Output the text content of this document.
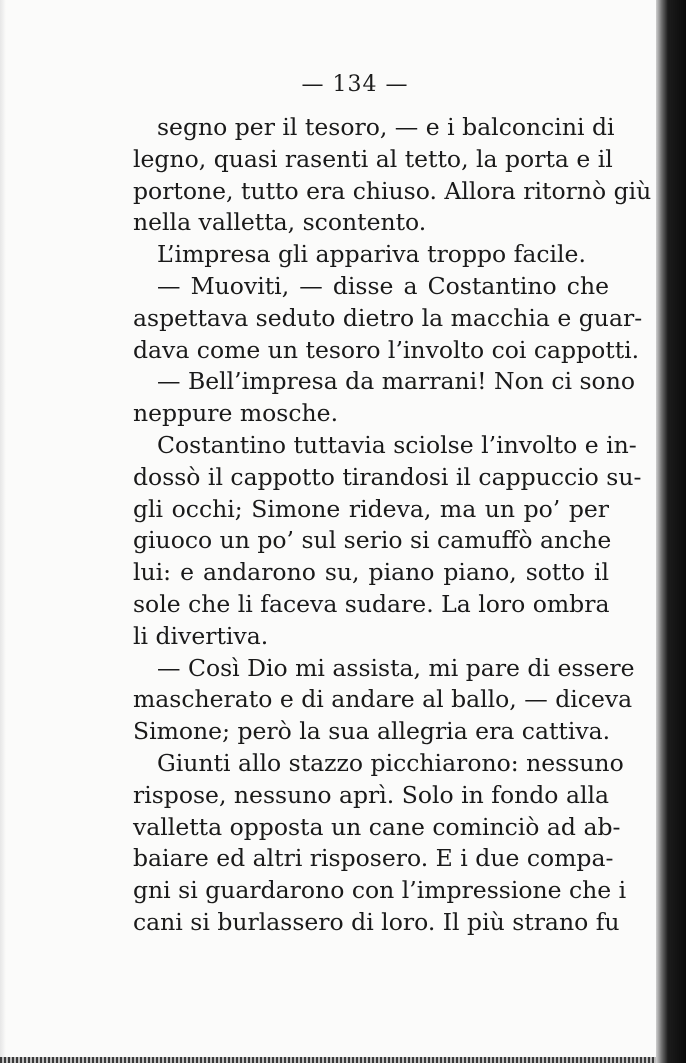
— 134 —
segno per il tesoro, — e i balconcini di
legno, quasi rasenti al tetto, la porta e il
portone, tutto era chiuso. Allora ritornò giù
nella valletta, scontento.
L’impresa gli appariva troppo facile.
— Muoviti, — disse a Costantino che
aspettava seduto dietro la macchia e guar-
dava come un tesoro l’involto coi cappotti.
— Bell’impresa da marrani! Non ci sono
neppure mosche.
Costantino tuttavia sciolse l’involto e in-
dossò il cappotto tirandosi il cappuccio su-
gli occhi; Simone rideva, ma un po’ per
giuoco un po’ sul serio si camuffò anche
lui: e andarono su, piano piano, sotto il
sole che li faceva sudare. La loro ombra
li divertiva.
— Così Dio mi assista, mi pare di essere
mascherato e di andare al ballo, — diceva
Simone; però la sua allegria era cattiva.
Giunti allo stazzo picchiarono: nessuno
rispose, nessuno aprì. Solo in fondo alla
valletta opposta un cane cominciò ad ab-
baiare ed altri risposero. E i due compa-
gni si guardarono con l’impressione che i
cani si burlassero di loro. Il più strano fu
